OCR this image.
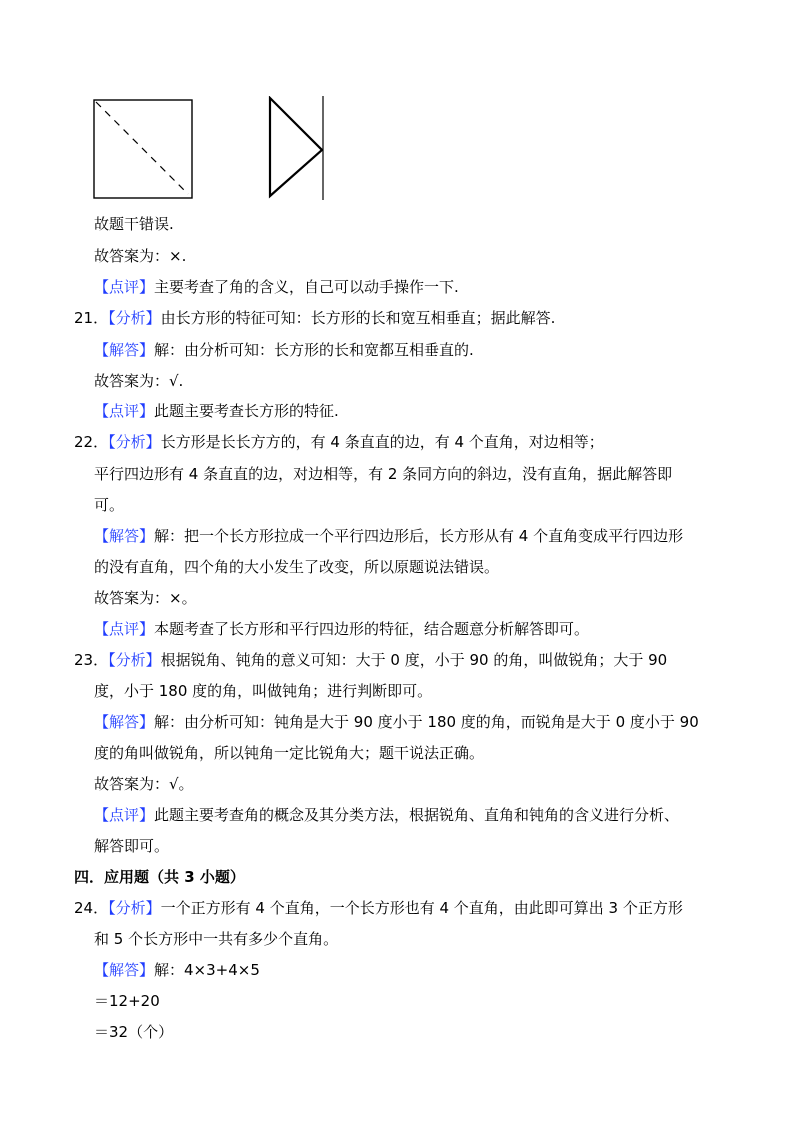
故题干错误.
故答案为：×.
【点评】主要考查了角的含义，自己可以动手操作一下.
21．【分析】由长方形的特征可知：长方形的长和宽互相垂直；据此解答.
【解答】解：由分析可知：长方形的长和宽都互相垂直的.
故答案为：√.
【点评】此题主要考查长方形的特征.
22．【分析】长方形是长长方方的，有 4 条直直的边，有 4 个直角，对边相等；
平行四边形有 4 条直直的边，对边相等，有 2 条同方向的斜边，没有直角，据此解答即
可。
【解答】解：把一个长方形拉成一个平行四边形后，长方形从有 4 个直角变成平行四边形
的没有直角，四个角的大小发生了改变，所以原题说法错误。
故答案为：×。
【点评】本题考查了长方形和平行四边形的特征，结合题意分析解答即可。
23．【分析】根据锐角、钝角的意义可知：大于 0 度，小于 90 的角，叫做锐角；大于 90
度，小于 180 度的角，叫做钝角；进行判断即可。
【解答】解：由分析可知：钝角是大于 90 度小于 180 度的角，而锐角是大于 0 度小于 90
度的角叫做锐角，所以钝角一定比锐角大；题干说法正确。
故答案为：√。
【点评】此题主要考查角的概念及其分类方法，根据锐角、直角和钝角的含义进行分析、
解答即可。
四．应用题（共 3 小题）
24．【分析】一个正方形有 4 个直角，一个长方形也有 4 个直角，由此即可算出 3 个正方形
和 5 个长方形中一共有多少个直角。
【解答】解：4×3+4×5
＝12+20
＝32（个）
